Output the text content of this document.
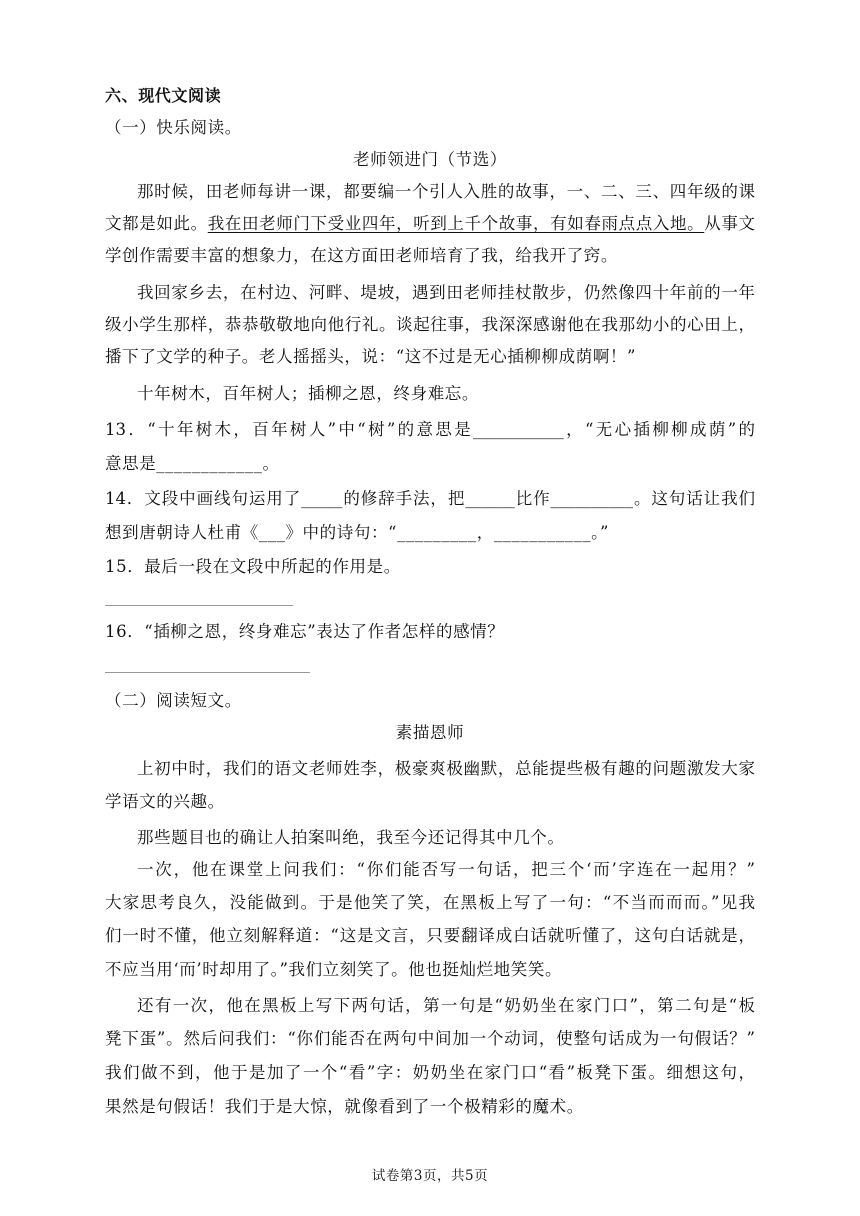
六、现代文阅读
（一）快乐阅读。
老师领进门（节选）
那时候，田老师每讲一课，都要编一个引人入胜的故事，一、二、三、四年级的课
文都是如此。我在田老师门下受业四年，听到上千个故事，有如春雨点点入地。从事文
学创作需要丰富的想象力，在这方面田老师培育了我，给我开了窍。
我回家乡去，在村边、河畔、堤坡，遇到田老师挂杖散步，仍然像四十年前的一年
级小学生那样，恭恭敬敬地向他行礼。谈起往事，我深深感谢他在我那幼小的心田上，
播下了文学的种子。老人摇摇头，说：“这不过是无心插柳柳成荫啊！”
十年树木，百年树人；插柳之恩，终身难忘。
13．“十年树木，百年树人”中“树”的意思是___________，“无心插柳柳成荫”的
意思是____________。
14．文段中画线句运用了_____的修辞手法，把______比作__________。这句话让我们
想到唐朝诗人杜甫《___》中的诗句：“_________，___________。”
15．最后一段在文段中所起的作用是。
16．“插柳之恩，终身难忘”表达了作者怎样的感情？
（二）阅读短文。
素描恩师
上初中时，我们的语文老师姓李，极豪爽极幽默，总能提些极有趣的问题激发大家
学语文的兴趣。
那些题目也的确让人拍案叫绝，我至今还记得其中几个。
一次，他在课堂上问我们：“你们能否写一句话，把三个‘而’字连在一起用？”
大家思考良久，没能做到。于是他笑了笑，在黑板上写了一句：“不当而而而。”见我
们一时不懂，他立刻解释道：“这是文言，只要翻译成白话就听懂了，这句白话就是，
不应当用‘而’时却用了。”我们立刻笑了。他也挺灿烂地笑笑。
还有一次，他在黑板上写下两句话，第一句是“奶奶坐在家门口”，第二句是“板
凳下蛋”。然后问我们：“你们能否在两句中间加一个动词，使整句话成为一句假话？”
我们做不到，他于是加了一个“看”字：奶奶坐在家门口“看”板凳下蛋。细想这句，
果然是句假话！我们于是大惊，就像看到了一个极精彩的魔术。
试卷第3页，共5页
